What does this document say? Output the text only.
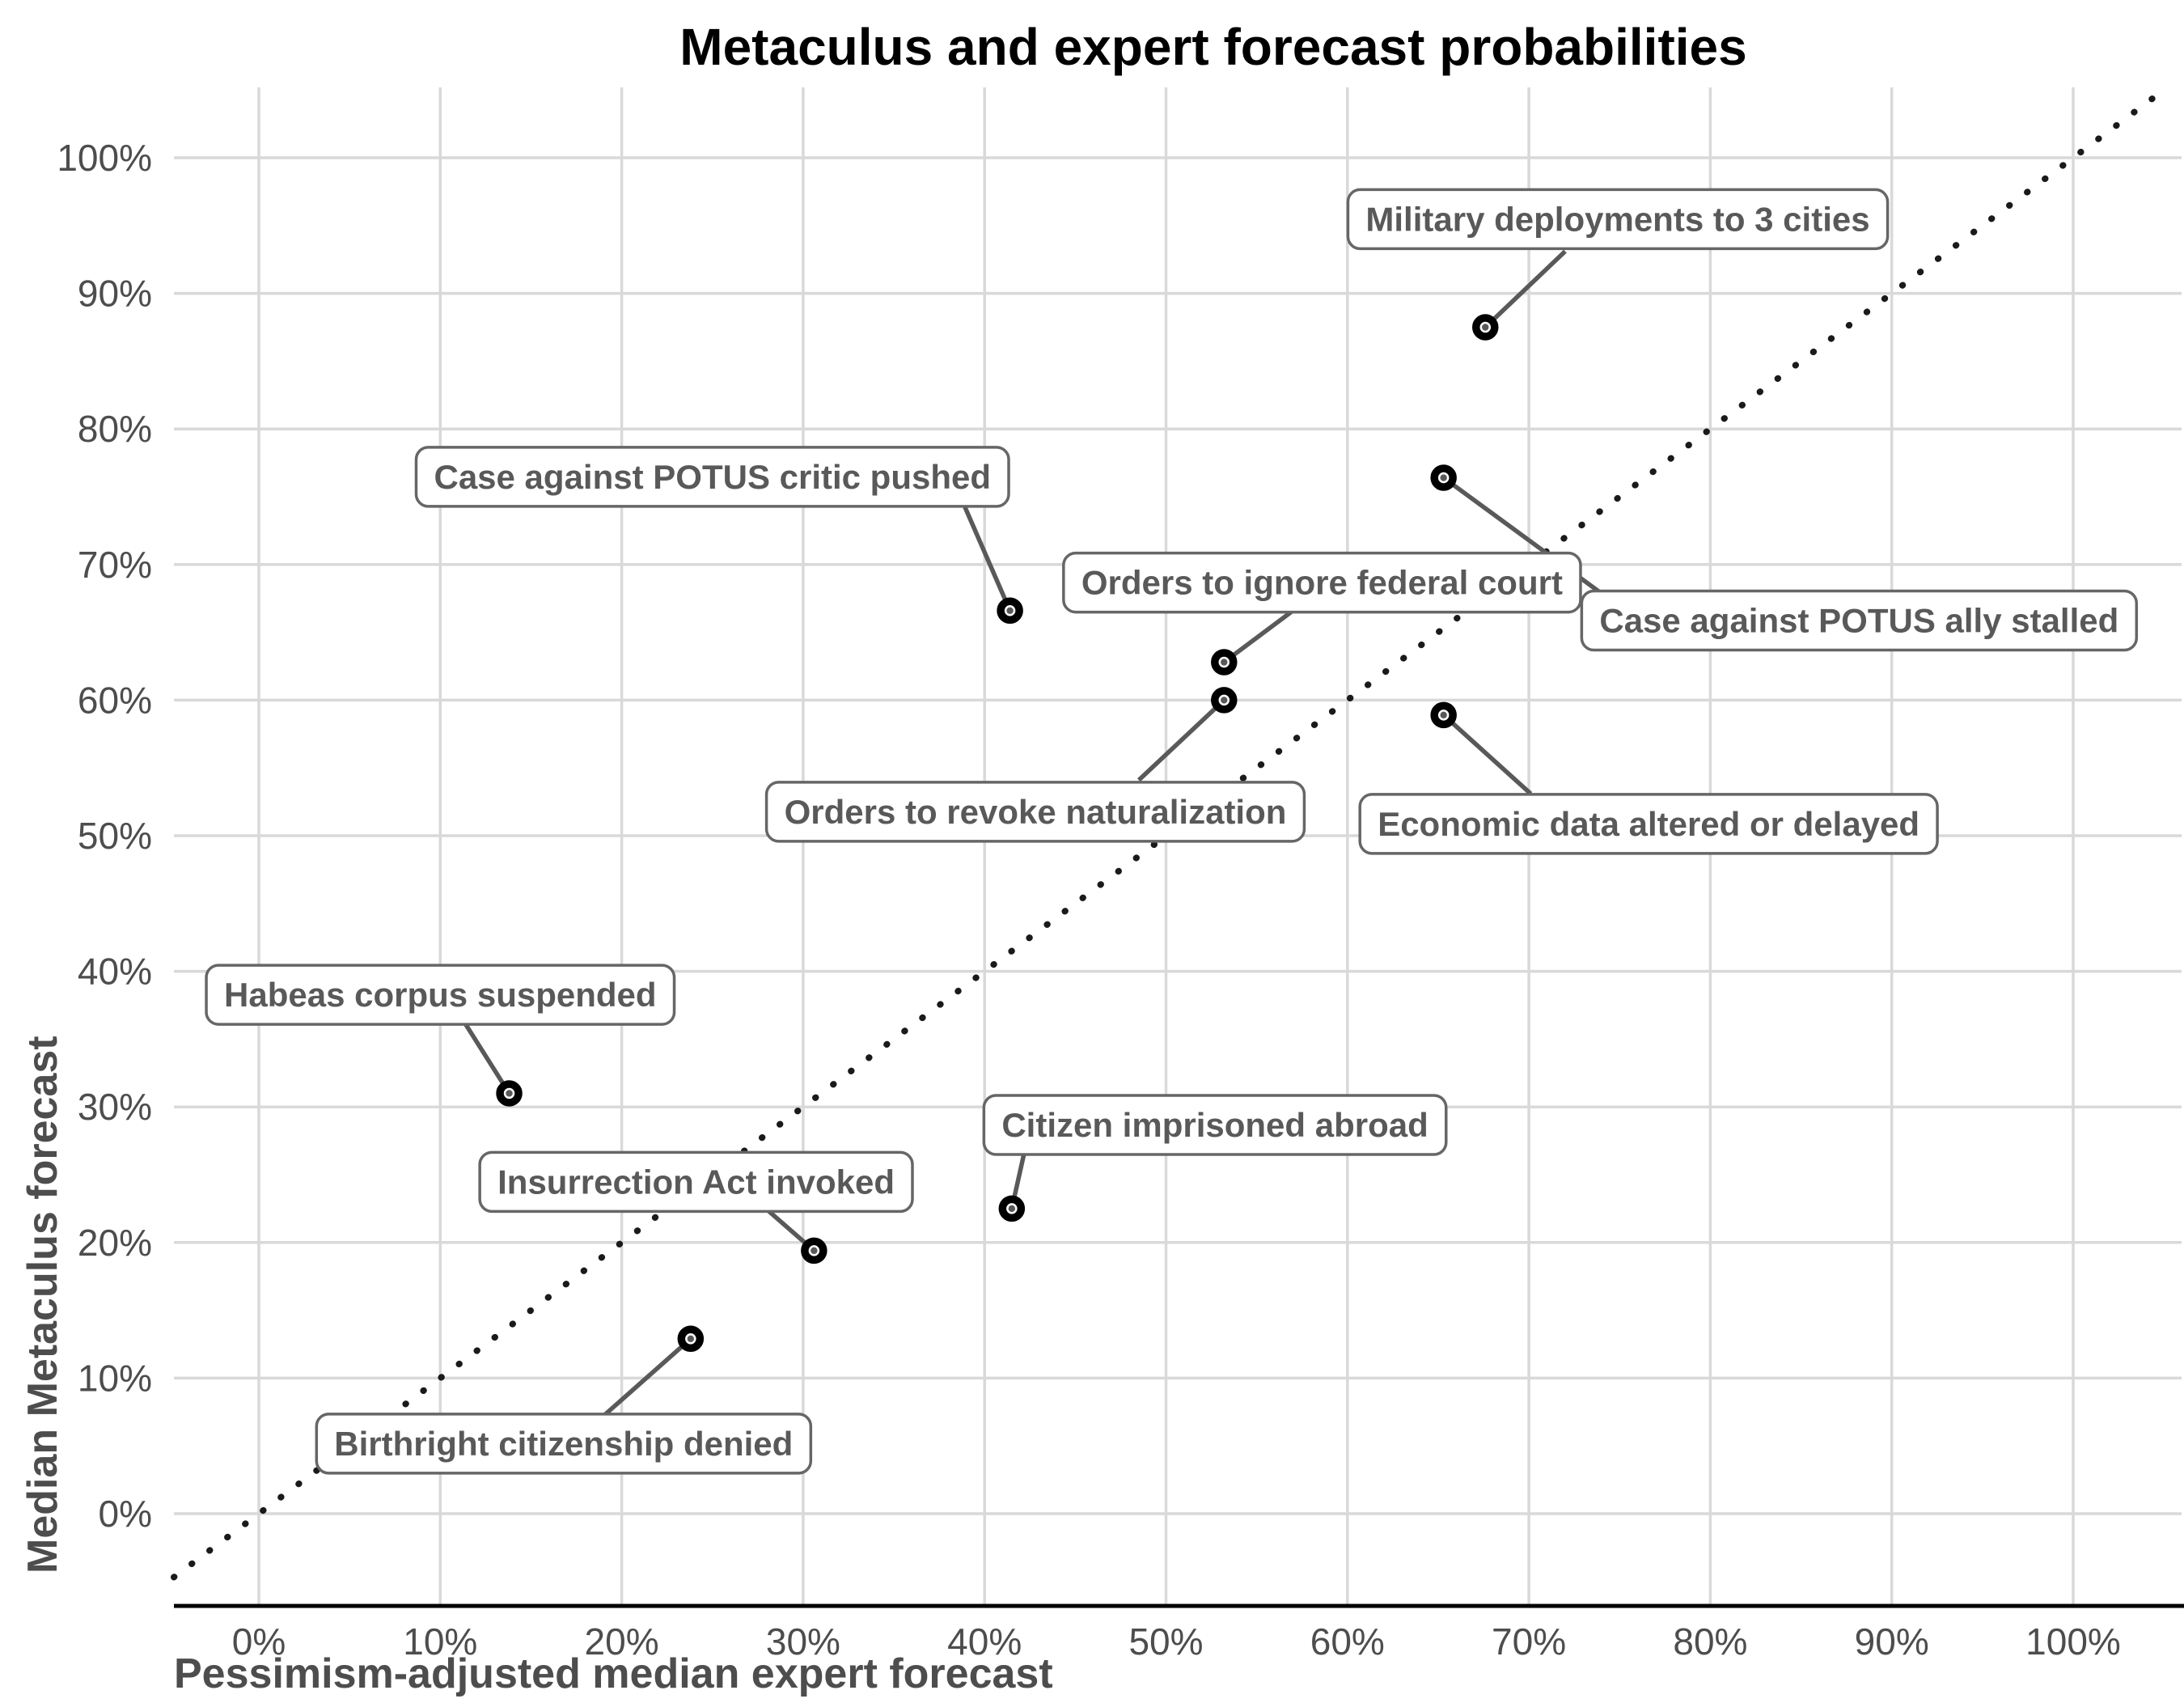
Military deployments to 3 cities
Case against POTUS ally stalled
Case against POTUS critic pushed
Orders to ignore federal court
Orders to revoke naturalization	Economic data altered or delayed
Habeas corpus suspended
Citizen imprisoned abroad
Insurrection Act invoked
Birthright citizenship denied
0%	10%	20%	30%	40%	50%	60%	70%	80%	90%	100%
0%
10%
20%
30%
40%
50%
60%
70%
80%
90%
100%
Metaculus and expert forecast probabilities
Pessimism-adjusted median expert forecast
Median Metaculus forecast
